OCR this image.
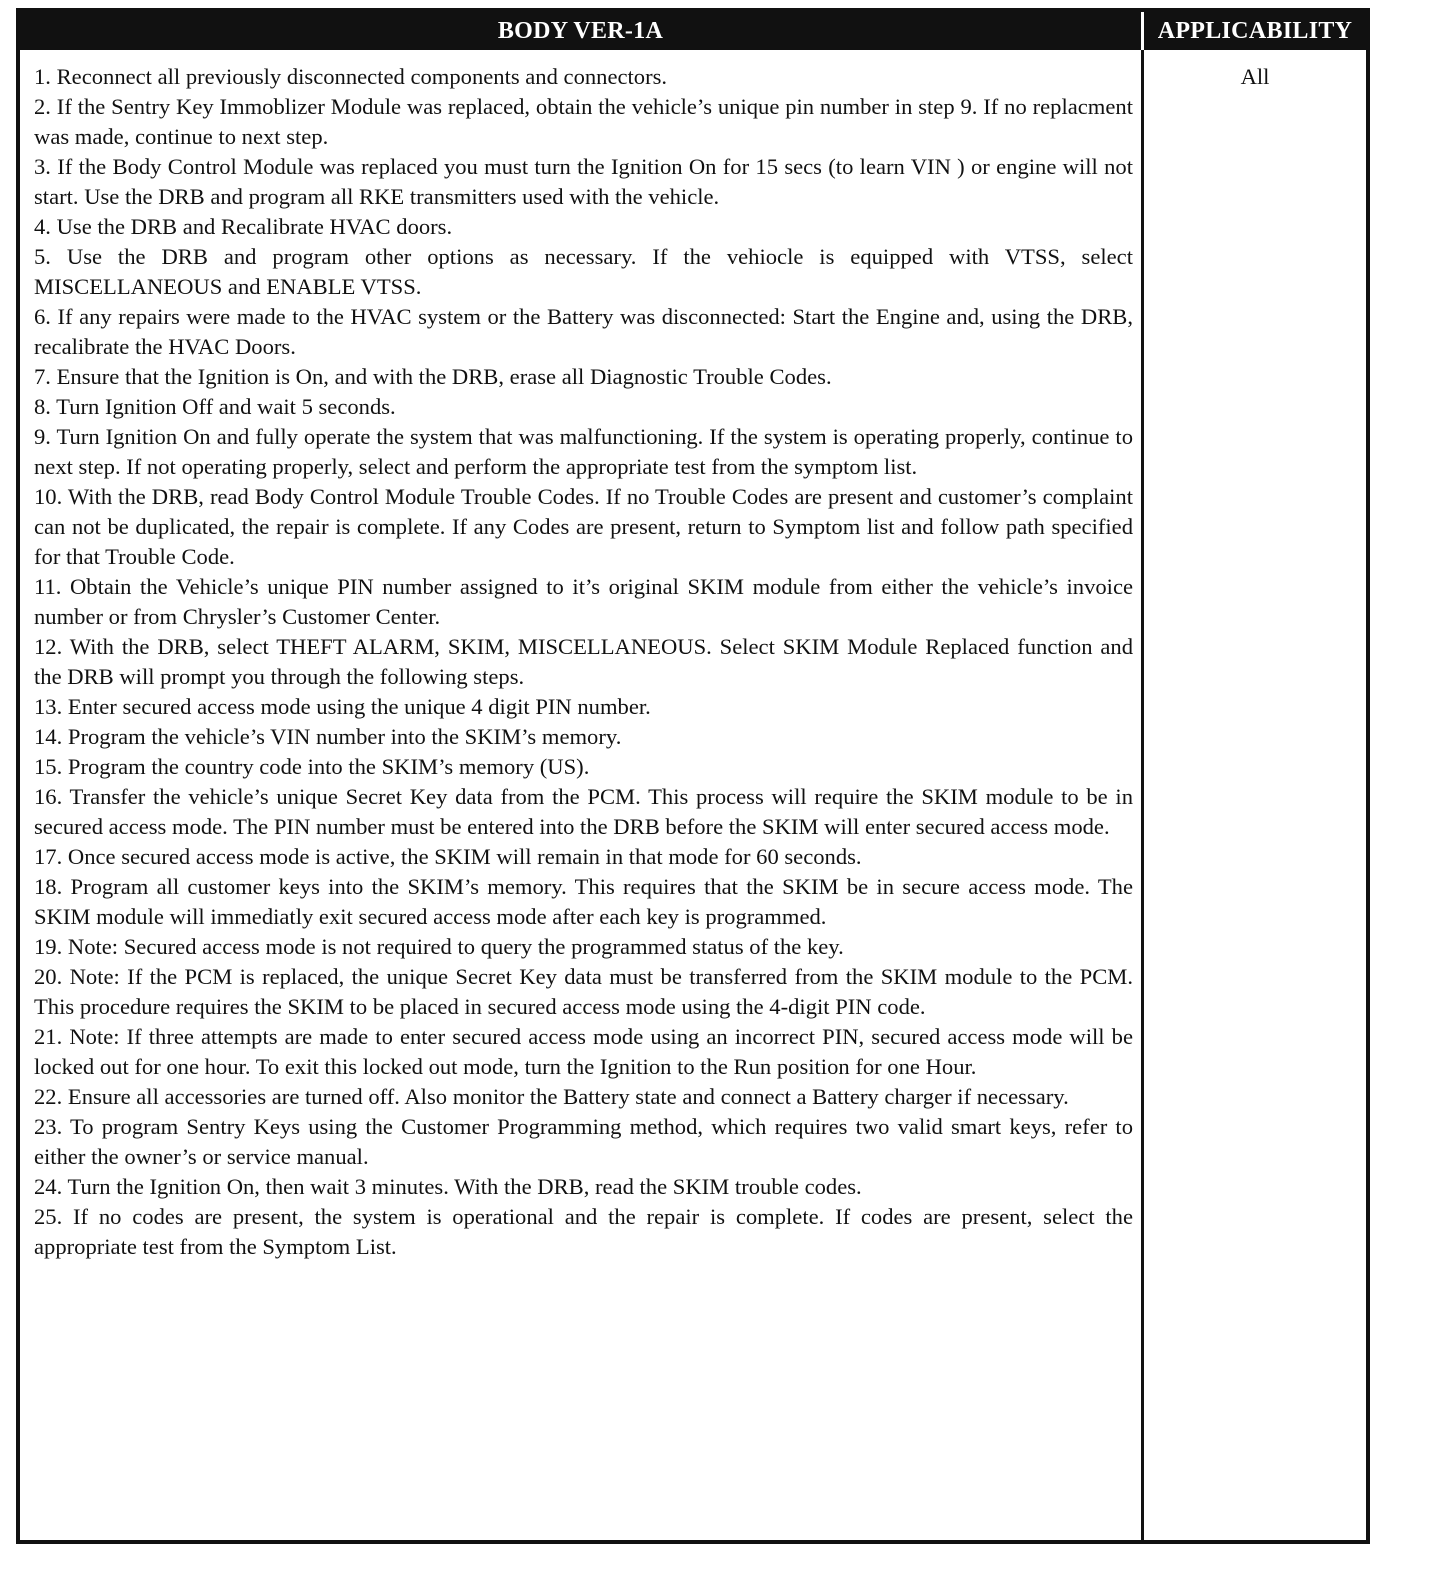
BODY VER-1A	APPLICABILITY

1. Reconnect all previously disconnected components and connectors.

2. If the Sentry Key Immoblizer Module was replaced, obtain the vehicle’s unique pin number in step 9. If no replacment was made, continue to next step.

3. If the Body Control Module was replaced you must turn the Ignition On for 15 secs (to learn VIN ) or engine will not start. Use the DRB and program all RKE transmitters used with the vehicle.

4. Use the DRB and Recalibrate HVAC doors.

5. Use the DRB and program other options as necessary. If the vehiocle is equipped with VTSS, select MISCELLANEOUS and ENABLE VTSS.

6. If any repairs were made to the HVAC system or the Battery was disconnected: Start the Engine and, using the DRB, recalibrate the HVAC Doors.

7. Ensure that the Ignition is On, and with the DRB, erase all Diagnostic Trouble Codes.

8. Turn Ignition Off and wait 5 seconds.

9. Turn Ignition On and fully operate the system that was malfunctioning. If the system is operating properly, continue to next step. If not operating properly, select and perform the appropriate test from the symptom list.

10. With the DRB, read Body Control Module Trouble Codes. If no Trouble Codes are present and customer’s complaint can not be duplicated, the repair is complete. If any Codes are present, return to Symptom list and follow path specified for that Trouble Code.

11. Obtain the Vehicle’s unique PIN number assigned to it’s original SKIM module from either the vehicle’s invoice number or from Chrysler’s Customer Center.

12. With the DRB, select THEFT ALARM, SKIM, MISCELLANEOUS. Select SKIM Module Replaced function and the DRB will prompt you through the following steps.

13. Enter secured access mode using the unique 4 digit PIN number.

14. Program the vehicle’s VIN number into the SKIM’s memory.

15. Program the country code into the SKIM’s memory (US).

16. Transfer the vehicle’s unique Secret Key data from the PCM. This process will require the SKIM module to be in secured access mode. The PIN number must be entered into the DRB before the SKIM will enter secured access mode.

17. Once secured access mode is active, the SKIM will remain in that mode for 60 seconds.

18. Program all customer keys into the SKIM’s memory. This requires that the SKIM be in secure access mode. The SKIM module will immediatly exit secured access mode after each key is programmed.

19. Note: Secured access mode is not required to query the programmed status of the key.

20. Note: If the PCM is replaced, the unique Secret Key data must be transferred from the SKIM module to the PCM. This procedure requires the SKIM to be placed in secured access mode using the 4-digit PIN code.

21. Note: If three attempts are made to enter secured access mode using an incorrect PIN, secured access mode will be locked out for one hour. To exit this locked out mode, turn the Ignition to the Run position for one Hour.

22. Ensure all accessories are turned off. Also monitor the Battery state and connect a Battery charger if necessary.

23. To program Sentry Keys using the Customer Programming method, which requires two valid smart keys, refer to either the owner’s or service manual.

24. Turn the Ignition On, then wait 3 minutes. With the DRB, read the SKIM trouble codes.

25. If no codes are present, the system is operational and the repair is complete. If codes are present, select the appropriate test from the Symptom List.

All
